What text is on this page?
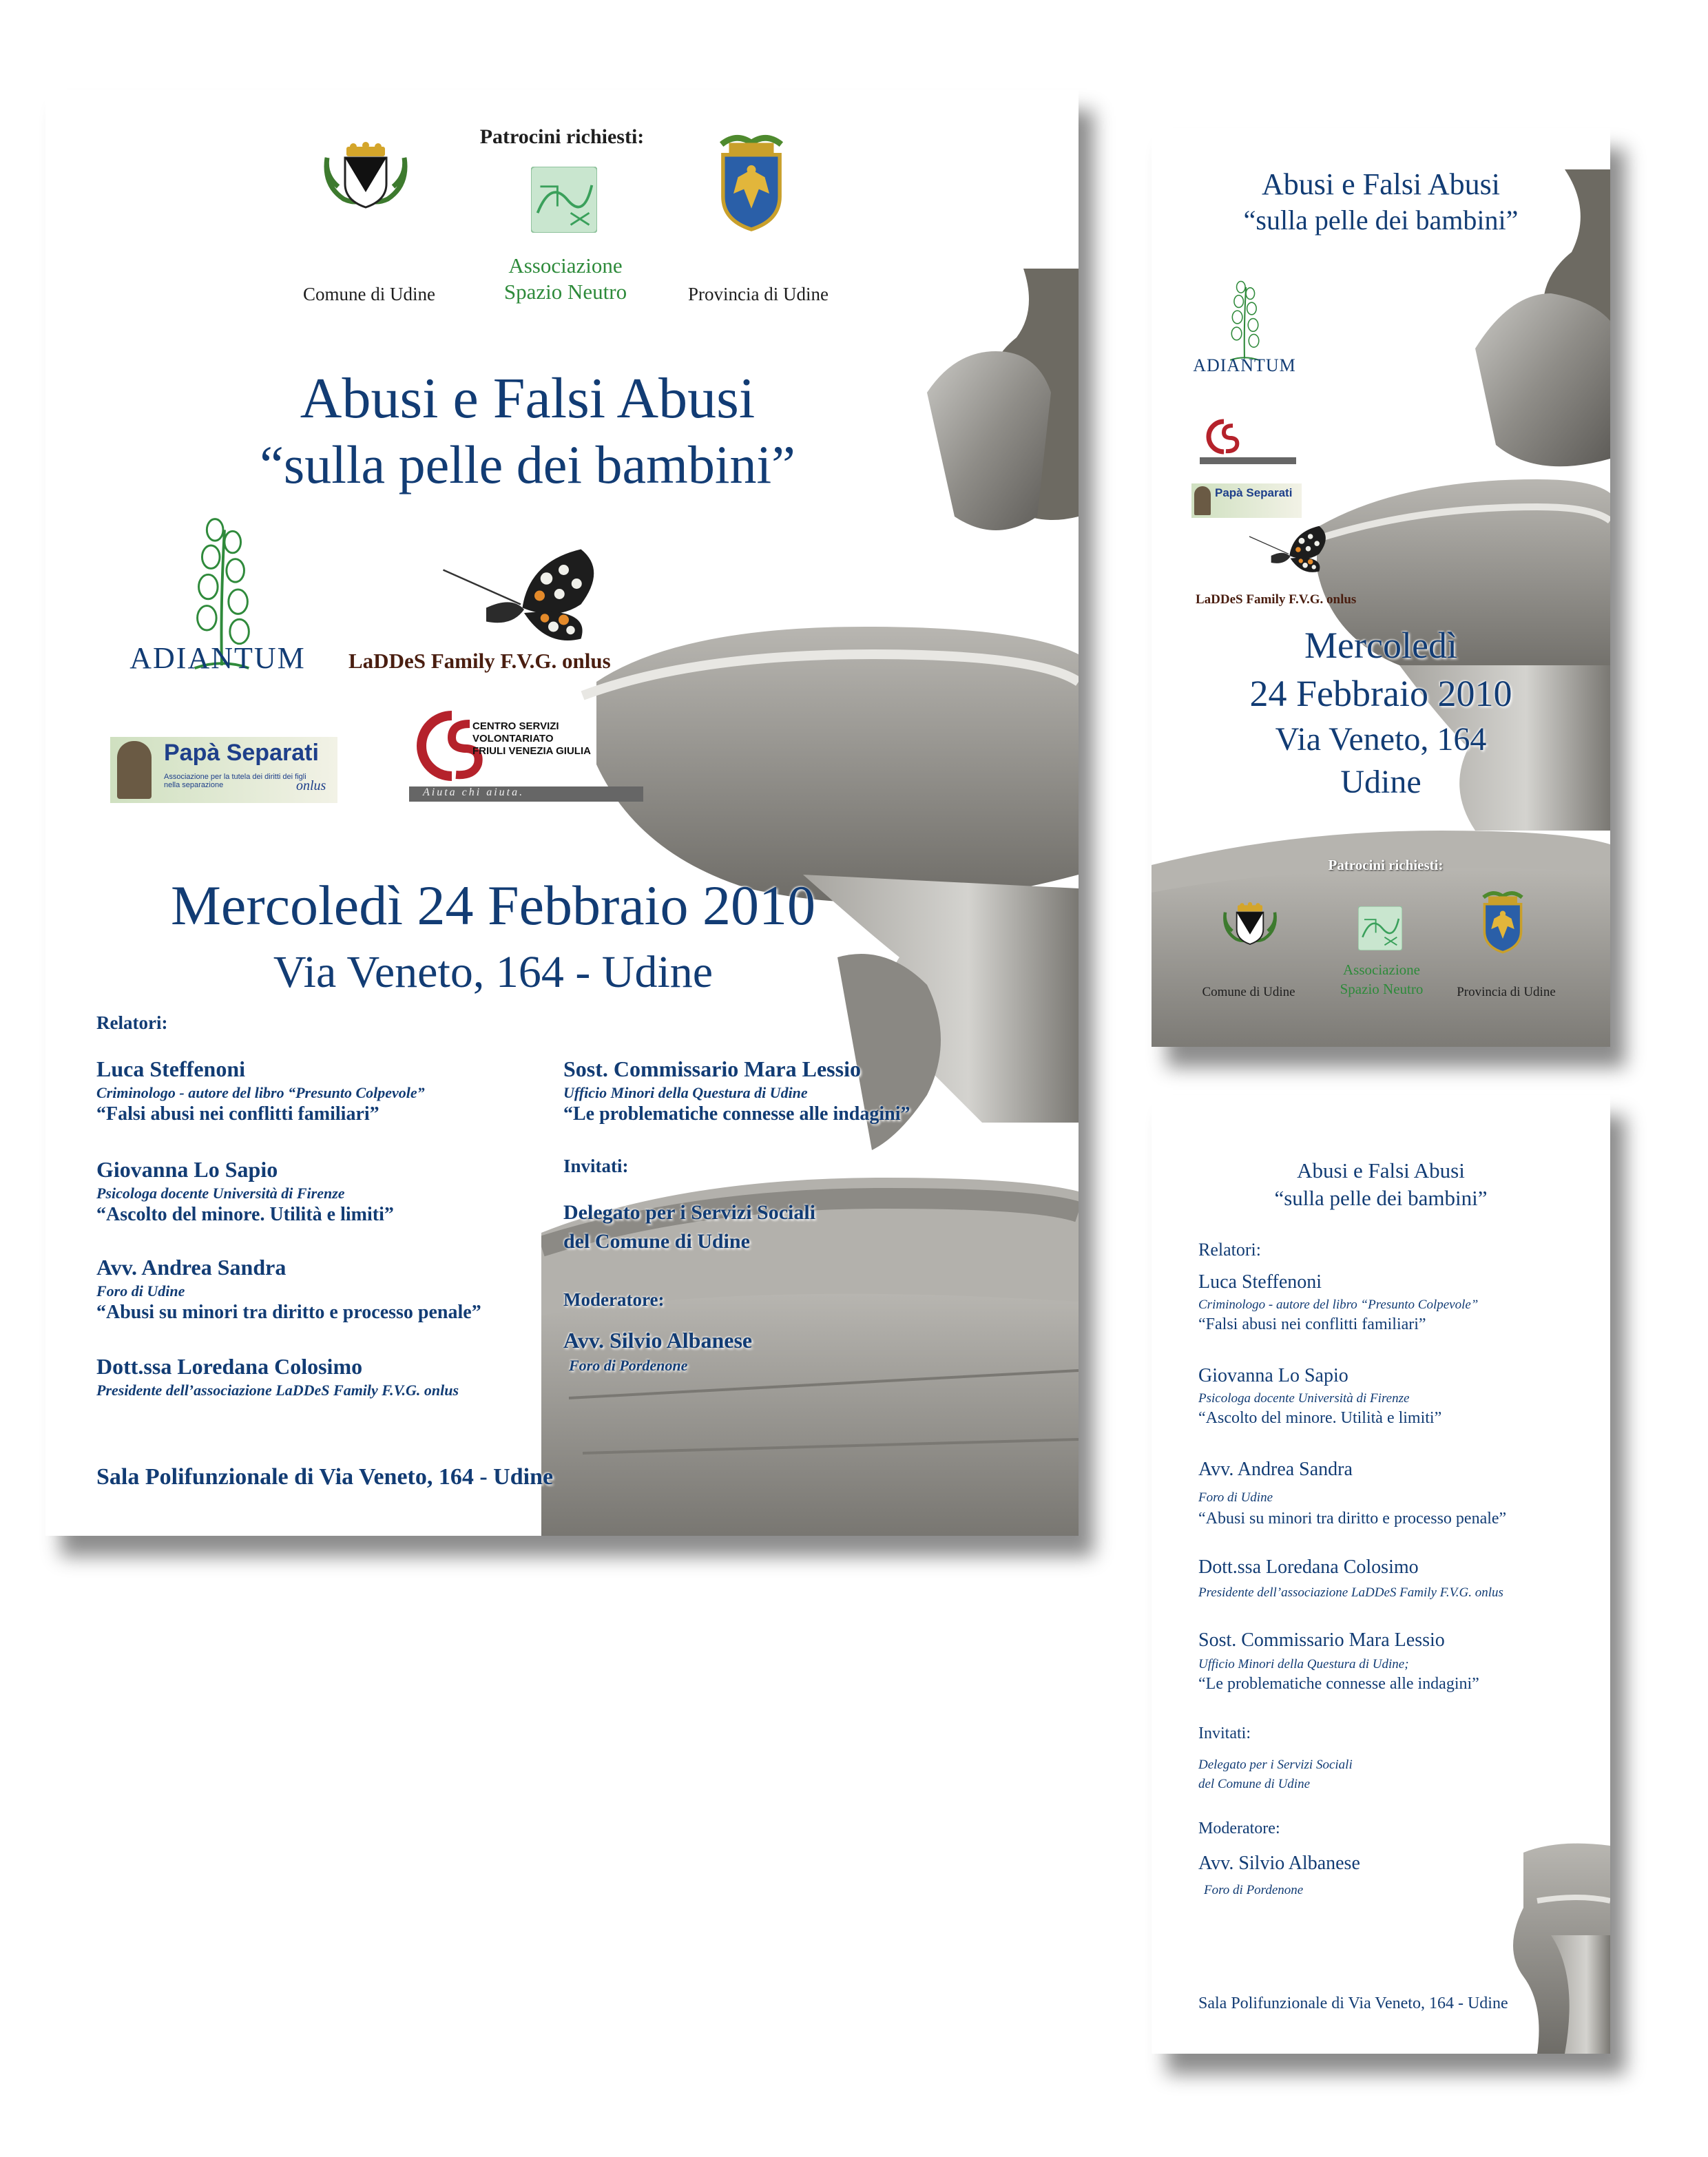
Patrocini richiesti:
Comune di Udine
Associazione
Spazio Neutro	Provincia di Udine
Abusi e Falsi Abusi
“sulla pelle dei bambini”
ADIANTUM	LaDDeS Family F.V.G. onlus
Papà Separati
Associazione per la tutela dei diritti dei figli nella separazione	onlus
CENTRO SERVIZI
VOLONTARIATO
FRIULI VENEZIA GIULIA
Aiuta chi aiuta.
Mercoledì 24 Febbraio 2010
Via Veneto, 164 - Udine
Relatori:
Luca Steffenoni
Criminologo - autore del libro “Presunto Colpevole”
“Falsi abusi nei conflitti familiari”
Giovanna Lo Sapio
Psicologa docente Università di Firenze
“Ascolto del minore. Utilità e limiti”
Avv. Andrea Sandra
Foro di Udine
“Abusi su minori tra diritto e processo penale”
Dott.ssa Loredana Colosimo
Presidente dell’associazione LaDDeS Family F.V.G. onlus
Sost. Commissario Mara Lessio
Ufficio Minori della Questura di Udine
“Le problematiche connesse alle indagini”
Invitati:
Delegato per i Servizi Sociali
del Comune di Udine
Moderatore:
Avv. Silvio Albanese
Foro di Pordenone
Sala Polifunzionale di Via Veneto, 164 - Udine
Abusi e Falsi Abusi
“sulla pelle dei bambini”
ADIANTUM
Papà Separati
LaDDeS Family F.V.G. onlus
Mercoledì
24 Febbraio 2010
Via Veneto, 164
Udine
Patrocini richiesti:
Comune di Udine
Associazione
Spazio Neutro	Provincia di Udine
Abusi e Falsi Abusi
“sulla pelle dei bambini”
Relatori:
Luca Steffenoni
Criminologo - autore del libro “Presunto Colpevole”
“Falsi abusi nei conflitti familiari”
Giovanna Lo Sapio
Psicologa docente Università di Firenze
“Ascolto del minore. Utilità e limiti”
Avv. Andrea Sandra
Foro di Udine
“Abusi su minori tra diritto e processo penale”
Dott.ssa Loredana Colosimo
Presidente dell’associazione LaDDeS Family F.V.G. onlus
Sost. Commissario Mara Lessio
Ufficio Minori della Questura di Udine;
“Le problematiche connesse alle indagini”
Invitati:
Delegato per i Servizi Sociali
del Comune di Udine
Moderatore:
Avv. Silvio Albanese
Foro di Pordenone
Sala Polifunzionale di Via Veneto, 164 - Udine
